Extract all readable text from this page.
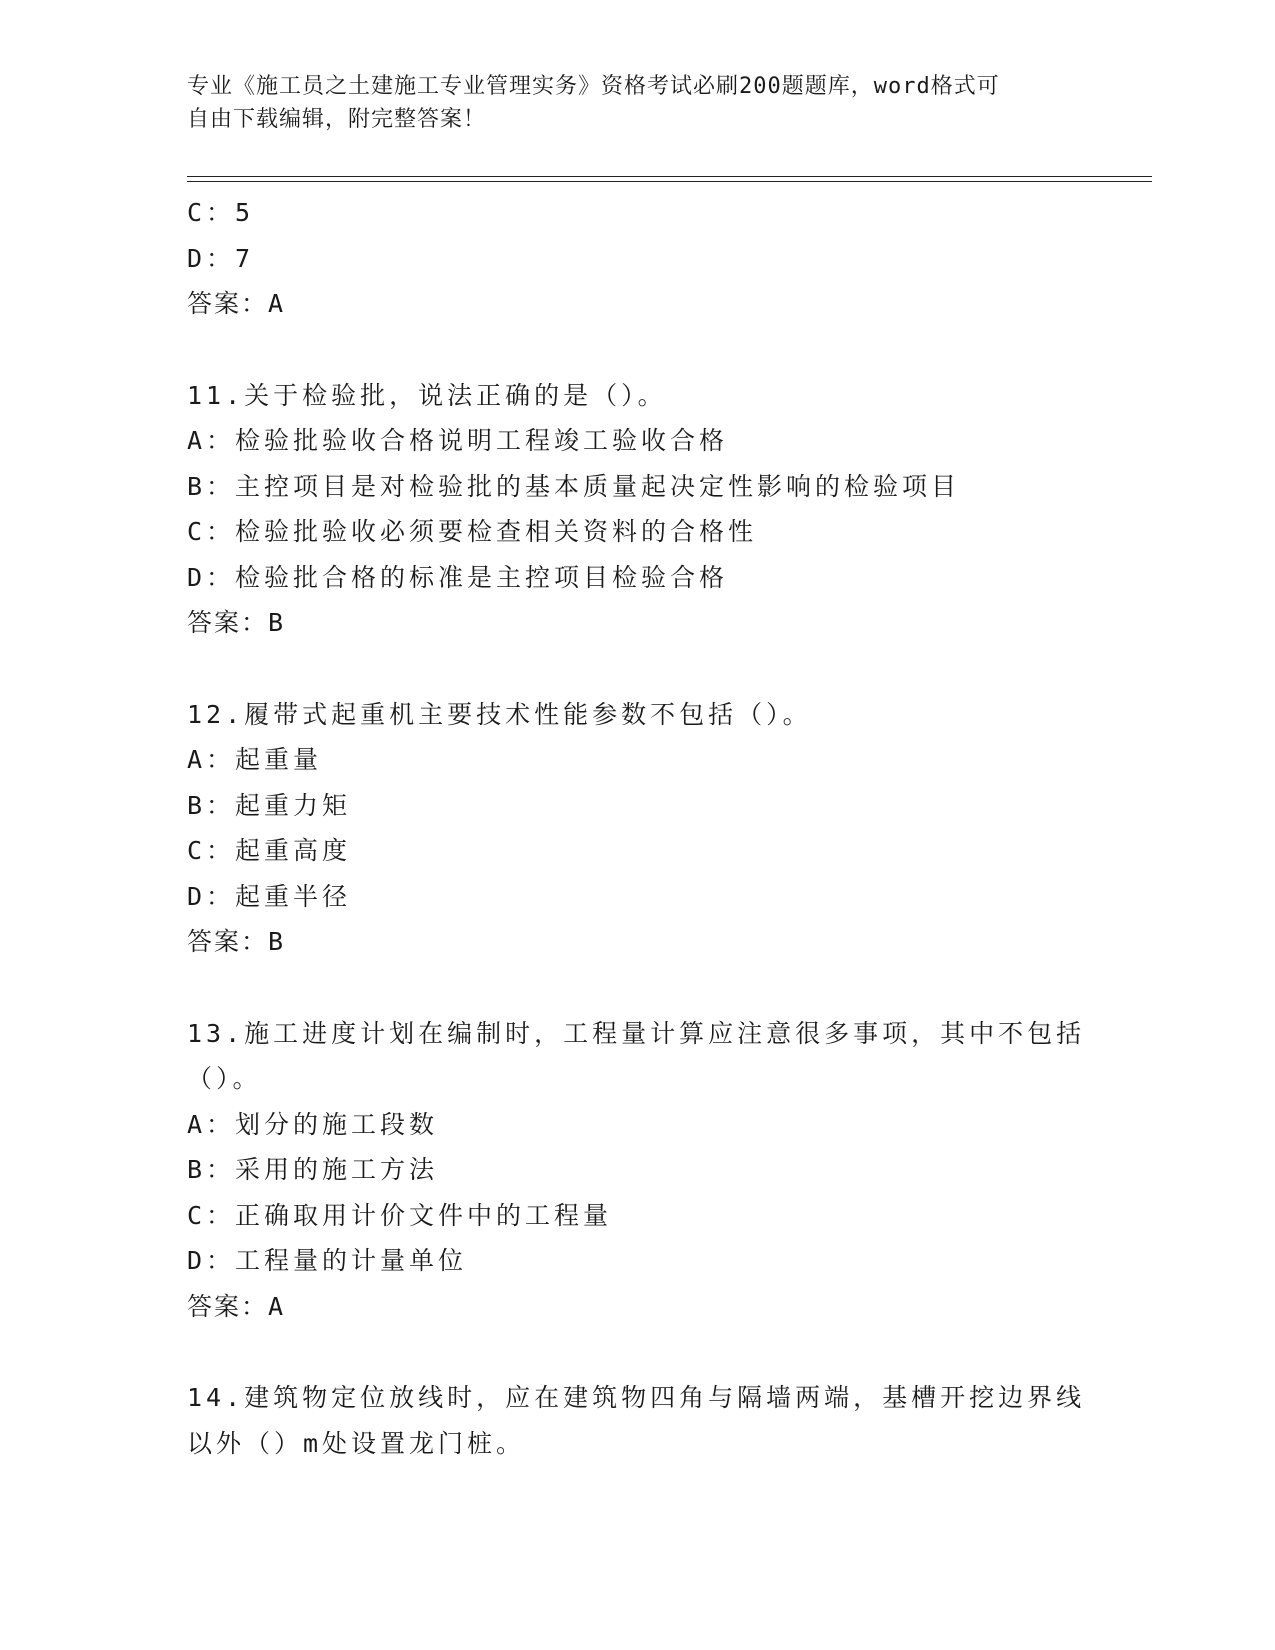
专业《施工员之土建施工专业管理实务》资格考试必刷200题题库，word格式可
自由下载编辑，附完整答案！
C：5
D：7
答案：A
11.关于检验批，说法正确的是（）。
A：检验批验收合格说明工程竣工验收合格
B：主控项目是对检验批的基本质量起决定性影响的检验项目
C：检验批验收必须要检查相关资料的合格性
D：检验批合格的标准是主控项目检验合格
答案：B
12.履带式起重机主要技术性能参数不包括（）。
A：起重量
B：起重力矩
C：起重高度
D：起重半径
答案：B
13.施工进度计划在编制时，工程量计算应注意很多事项，其中不包括
（）。
A：划分的施工段数
B：采用的施工方法
C：正确取用计价文件中的工程量
D：工程量的计量单位
答案：A
14.建筑物定位放线时，应在建筑物四角与隔墙两端，基槽开挖边界线
以外（）m处设置龙门桩。
